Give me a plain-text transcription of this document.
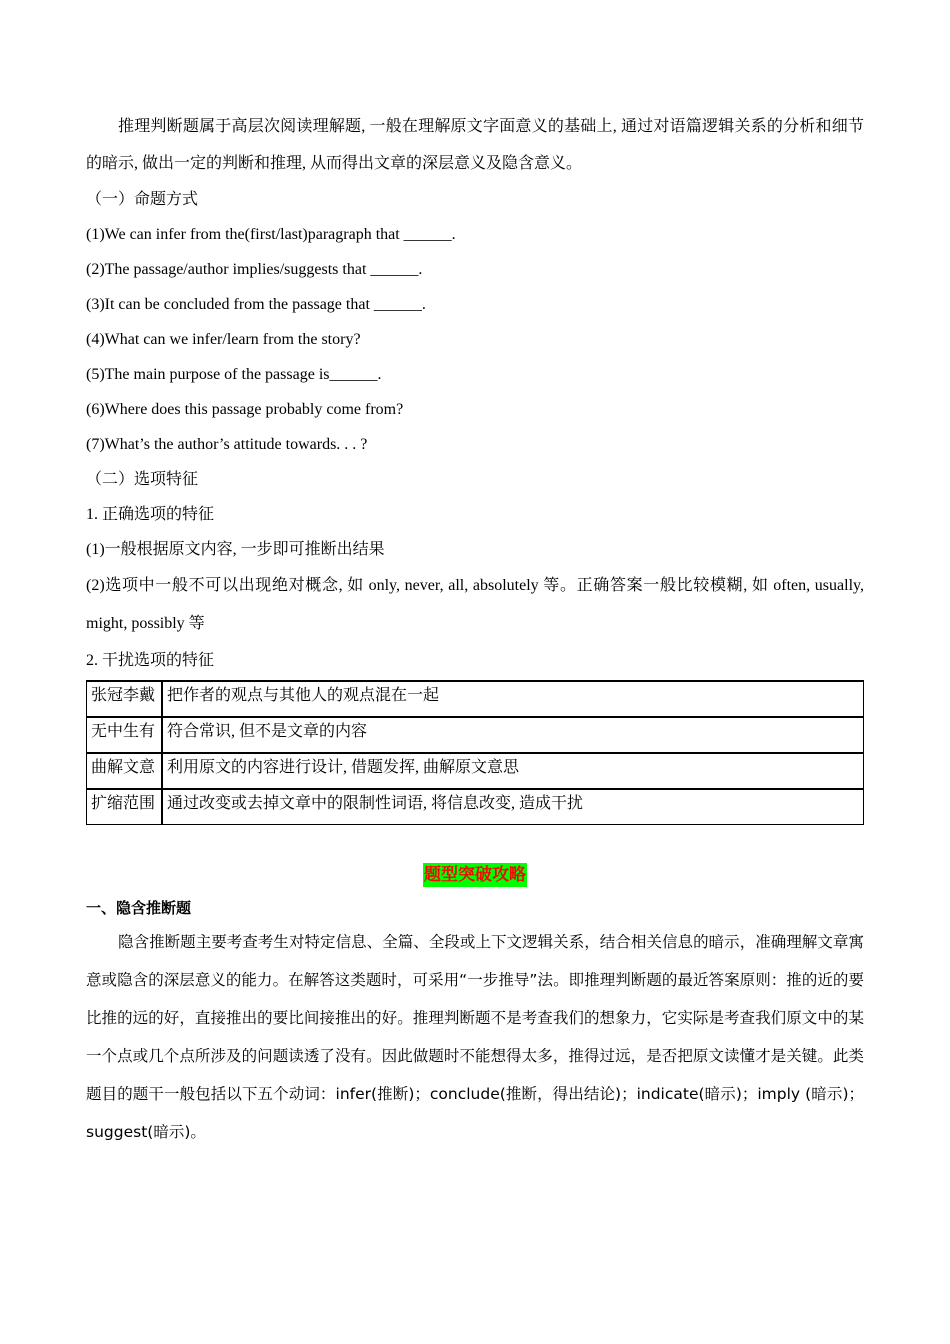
推理判断题属于高层次阅读理解题, 一般在理解原文字面意义的基础上, 通过对语篇逻辑关系的分析和细节的暗示, 做出一定的判断和推理, 从而得出文章的深层意义及隐含意义。

（一）命题方式

(1)We can infer from the(first/last)paragraph that ______.

(2)The passage/author implies/suggests that ______.

(3)It can be concluded from the passage that ______.

(4)What can we infer/learn from the story?

(5)The main purpose of the passage is______.

(6)Where does this passage probably come from?

(7)What’s the author’s attitude towards. . . ?

（二）选项特征

1. 正确选项的特征

(1)一般根据原文内容, 一步即可推断出结果

(2)选项中一般不可以出现绝对概念, 如 only, never, all, absolutely 等。正确答案一般比较模糊, 如 often, usually, might, possibly 等

2. 干扰选项的特征

张冠李戴	把作者的观点与其他人的观点混在一起
无中生有	符合常识, 但不是文章的内容
曲解文意	利用原文的内容进行设计, 借题发挥, 曲解原文意思
扩缩范围	通过改变或去掉文章中的限制性词语, 将信息改变, 造成干扰
题型突破攻略

一、隐含推断题

隐含推断题主要考查考生对特定信息、全篇、全段或上下文逻辑关系，结合相关信息的暗示，准确理解文章寓意或隐含的深层意义的能力。在解答这类题时，可采用“一步推导”法。即推理判断题的最近答案原则：推的近的要比推的远的好，直接推出的要比间接推出的好。推理判断题不是考查我们的想象力，它实际是考查我们原文中的某一个点或几个点所涉及的问题读透了没有。因此做题时不能想得太多，推得过远，是否把原文读懂才是关键。此类题目的题干一般包括以下五个动词：infer(推断)；conclude(推断，得出结论)；indicate(暗示)；imply (暗示)；suggest(暗示)。
